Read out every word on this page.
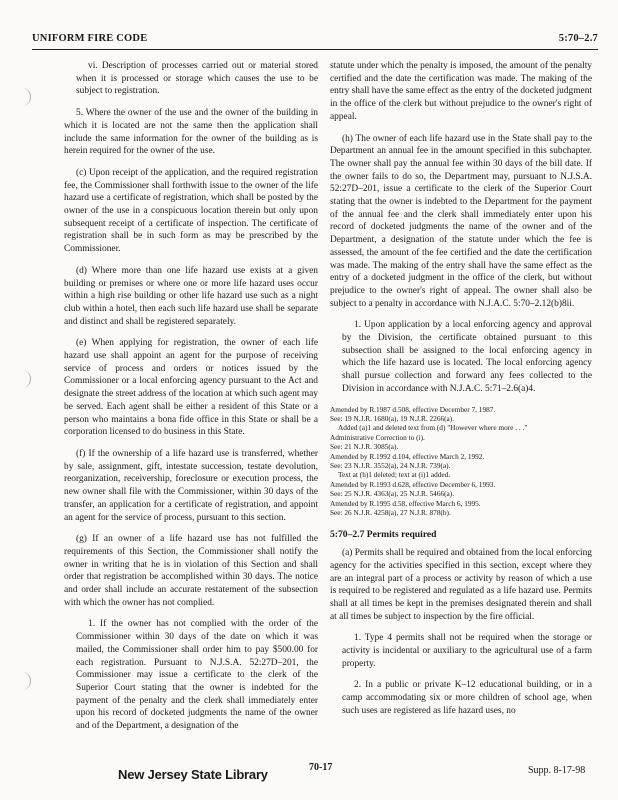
UNIFORM FIRE CODE	5:70–2.7

vi. Description of processes carried out or material stored when it is processed or storage which causes the use to be subject to registration.

5. Where the owner of the use and the owner of the building in which it is located are not the same then the application shall include the same information for the owner of the building as is herein required for the owner of the use.

(c) Upon receipt of the application, and the required registration fee, the Commissioner shall forthwith issue to the owner of the life hazard use a certificate of registration, which shall be posted by the owner of the use in a conspicuous location therein but only upon subsequent receipt of a certificate of inspection. The certificate of registration shall be in such form as may be prescribed by the Commissioner.

(d) Where more than one life hazard use exists at a given building or premises or where one or more life hazard uses occur within a high rise building or other life hazard use such as a night club within a hotel, then each such life hazard use shall be separate and distinct and shall be registered separately.

(e) When applying for registration, the owner of each life hazard use shall appoint an agent for the purpose of receiving service of process and orders or notices issued by the Commissioner or a local enforcing agency pursuant to the Act and designate the street address of the location at which such agent may be served. Each agent shall be either a resident of this State or a person who maintains a bona fide office in this State or shall be a corporation licensed to do business in this State.

(f) If the ownership of a life hazard use is transferred, whether by sale, assignment, gift, intestate succession, testate devolution, reorganization, receivership, foreclosure or execution process, the new owner shall file with the Commissioner, within 30 days of the transfer, an application for a certificate of registration, and appoint an agent for the service of process, pursuant to this section.

(g) If an owner of a life hazard use has not fulfilled the requirements of this Section, the Commissioner shall notify the owner in writing that he is in violation of this Section and shall order that registration be accomplished within 30 days. The notice and order shall include an accurate restatement of the subsection with which the owner has not complied.

1. If the owner has not complied with the order of the Commissioner within 30 days of the date on which it was mailed, the Commissioner shall order him to pay $500.00 for each registration. Pursuant to N.J.S.A. 52:27D–201, the Commissioner may issue a certificate to the clerk of the Superior Court stating that the owner is indebted for the payment of the penalty and the clerk shall immediately enter upon his record of docketed judgments the name of the owner and of the Department, a designation of the

statute under which the penalty is imposed, the amount of the penalty certified and the date the certification was made. The making of the entry shall have the same effect as the entry of the docketed judgment in the office of the clerk but without prejudice to the owner's right of appeal.

(h) The owner of each life hazard use in the State shall pay to the Department an annual fee in the amount specified in this subchapter. The owner shall pay the annual fee within 30 days of the bill date. If the owner fails to do so, the Department may, pursuant to N.J.S.A. 52:27D–201, issue a certificate to the clerk of the Superior Court stating that the owner is indebted to the Department for the payment of the annual fee and the clerk shall immediately enter upon his record of docketed judgments the name of the owner and of the Department, a designation of the statute under which the fee is assessed, the amount of the fee certified and the date the certification was made. The making of the entry shall have the same effect as the entry of a docketed judgment in the office of the clerk, but without prejudice to the owner's right of appeal. The owner shall also be subject to a penalty in accordance with N.J.A.C. 5:70–2.12(b)8ii.

1. Upon application by a local enforcing agency and approval by the Division, the certificate obtained pursuant to this subsection shall be assigned to the local enforcing agency in which the life hazard use is located. The local enforcing agency shall pursue collection and forward any fees collected to the Division in accordance with N.J.A.C. 5:71–2.6(a)4.

Amended by R.1987 d.508, effective December 7, 1987.
See: 19 N.J.R. 1680(a), 19 N.J.R. 2266(a).
Added (a)1 and deleted text from (d) "However where more . . ."
Administrative Correction to (i).
See: 21 N.J.R. 3085(a).
Amended by R.1992 d.104, effective March 2, 1992.
See: 23 N.J.R. 3552(a), 24 N.J.R. 739(a).
Text at (h)1 deleted; text at (i)1 added.
Amended by R.1993 d.628, effective December 6, 1993.
See: 25 N.J.R. 4363(a), 25 N.J.R. 5466(a).
Amended by R.1995 d.58, effective March 6, 1995.
See: 26 N.J.R. 4258(a), 27 N.J.R. 878(b).
5:70–2.7 Permits required

(a) Permits shall be required and obtained from the local enforcing agency for the activities specified in this section, except where they are an integral part of a process or activity by reason of which a use is required to be registered and regulated as a life hazard use. Permits shall at all times be kept in the premises designated therein and shall at all times be subject to inspection by the fire official.

1. Type 4 permits shall not be required when the storage or activity is incidental or auxiliary to the agricultural use of a farm property.

2. In a public or private K–12 educational building, or in a camp accommodating six or more children of school age, when such uses are registered as life hazard uses, no

New Jersey State Library	70-17	Supp. 8-17-98
